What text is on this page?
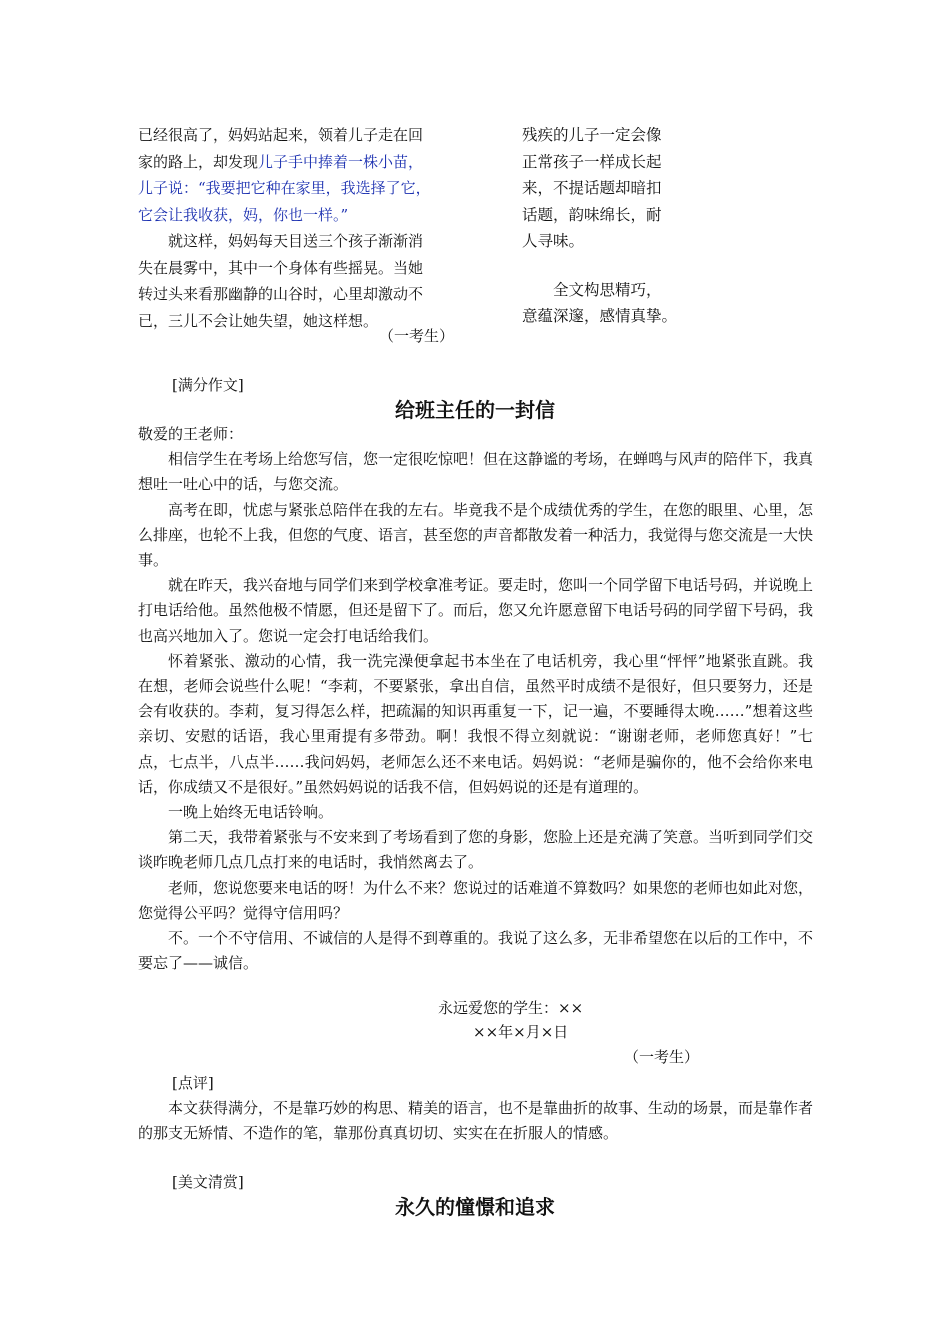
已经很高了，妈妈站起来，领着儿子走在回

家的路上，却发现儿子手中捧着一株小苗，

儿子说：“我要把它种在家里，我选择了它，

它会让我收获，妈，你也一样。”

就这样，妈妈每天目送三个孩子渐渐消

失在晨雾中，其中一个身体有些摇晃。当她

转过头来看那幽静的山谷时，心里却激动不

已，三儿不会让她失望，她这样想。

（一考生）

残疾的儿子一定会像

正常孩子一样成长起

来，不提话题却暗扣

话题，韵味绵长，耐

人寻味。

全文构思精巧，

意蕴深邃，感情真挚。

[满分作文]
给班主任的一封信

敬爱的王老师：

相信学生在考场上给您写信，您一定很吃惊吧！但在这静谧的考场，在蝉鸣与风声的陪伴下，我真想吐一吐心中的话，与您交流。

高考在即，忧虑与紧张总陪伴在我的左右。毕竟我不是个成绩优秀的学生，在您的眼里、心里，怎么排座，也轮不上我，但您的气度、语言，甚至您的声音都散发着一种活力，我觉得与您交流是一大快事。

就在昨天，我兴奋地与同学们来到学校拿准考证。要走时，您叫一个同学留下电话号码，并说晚上打电话给他。虽然他极不情愿，但还是留下了。而后，您又允许愿意留下电话号码的同学留下号码，我也高兴地加入了。您说一定会打电话给我们。

怀着紧张、激动的心情，我一洗完澡便拿起书本坐在了电话机旁，我心里“怦怦”地紧张直跳。我在想，老师会说些什么呢！“李莉，不要紧张，拿出自信，虽然平时成绩不是很好，但只要努力，还是会有收获的。李莉，复习得怎么样，把疏漏的知识再重复一下，记一遍，不要睡得太晚……”想着这些亲切、安慰的话语，我心里甭提有多带劲。啊！我恨不得立刻就说：“谢谢老师，老师您真好！”七点，七点半，八点半……我问妈妈，老师怎么还不来电话。妈妈说：“老师是骗你的，他不会给你来电话，你成绩又不是很好。”虽然妈妈说的话我不信，但妈妈说的还是有道理的。

一晚上始终无电话铃响。

第二天，我带着紧张与不安来到了考场看到了您的身影，您脸上还是充满了笑意。当听到同学们交谈昨晚老师几点几点打来的电话时，我悄然离去了。

老师，您说您要来电话的呀！为什么不来？您说过的话难道不算数吗？如果您的老师也如此对您，您觉得公平吗？觉得守信用吗？

不。一个不守信用、不诚信的人是得不到尊重的。我说了这么多，无非希望您在以后的工作中，不要忘了——诚信。

永远爱您的学生：××
××年×月×日
（一考生）
[点评]

本文获得满分，不是靠巧妙的构思、精美的语言，也不是靠曲折的故事、生动的场景，而是靠作者的那支无矫情、不造作的笔，靠那份真真切切、实实在在折服人的情感。

[美文清赏]
永久的憧憬和追求
